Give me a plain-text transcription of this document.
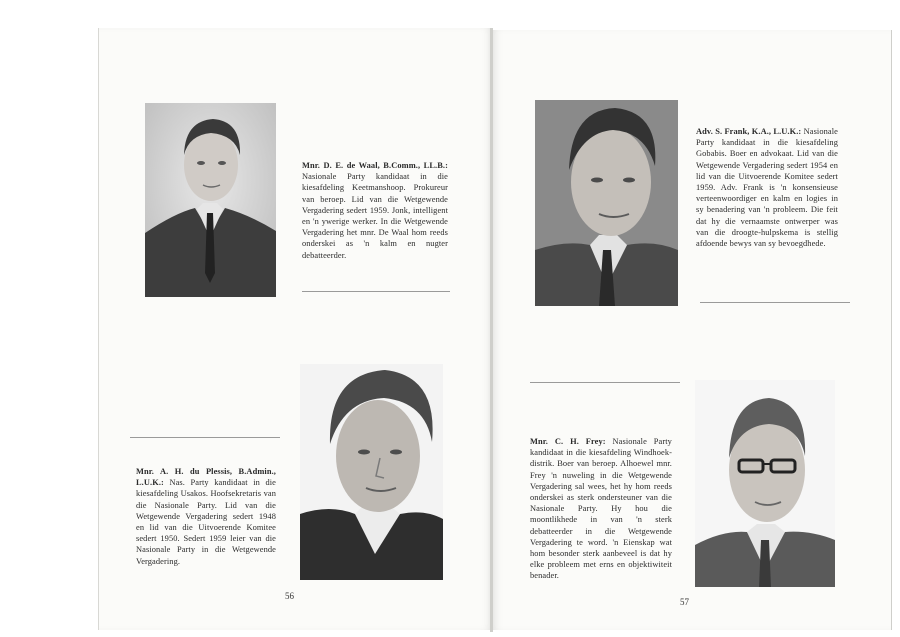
Mnr. D. E. de Waal, B.Comm., LL.B.: Nasionale Party kandidaat in die kiesafdeling Keetmanshoop. Prokureur van beroep. Lid van die Wetgewende Vergadering sedert 1959. Jonk, intelligent en 'n ywerige werker. In die Wetgewende Vergadering het mnr. De Waal hom reeds onderskei as 'n kalm en nugter debatteerder.
Mnr. A. H. du Plessis, B.Admin., L.U.K.: Nas. Party kandidaat in die kiesafdeling Usakos. Hoofsekretaris van die Nasionale Party. Lid van die Wetgewende Vergadering sedert 1948 en lid van die Uitvoerende Komitee sedert 1950. Sedert 1959 leier van die Nasionale Party in die Wetgewende Vergadering.
56
Adv. S. Frank, K.A., L.U.K.: Nasionale Party kandidaat in die kiesafdeling Gobabis. Boer en advokaat. Lid van die Wetgewende Vergadering sedert 1954 en lid van die Uitvoerende Komitee sedert 1959. Adv. Frank is 'n konsensieuse verteenwoordiger en kalm en logies in sy benadering van 'n probleem. Die feit dat hy die vernaamste ontwerper was van die droogte-hulpskema is stellig afdoende bewys van sy bevoegdhede.
Mnr. C. H. Frey: Nasionale Party kandidaat in die kiesafdeling Windhoek-distrik. Boer van beroep. Alhoewel mnr. Frey 'n nuweling in die Wetgewende Vergadering sal wees, het hy hom reeds onderskei as sterk ondersteuner van die Nasionale Party. Hy hou die moontlikhede in van 'n sterk debatteerder in die Wetgewende Vergadering te word. 'n Eienskap wat hom besonder sterk aanbeveel is dat hy elke probleem met erns en objektiwiteit benader.
57
